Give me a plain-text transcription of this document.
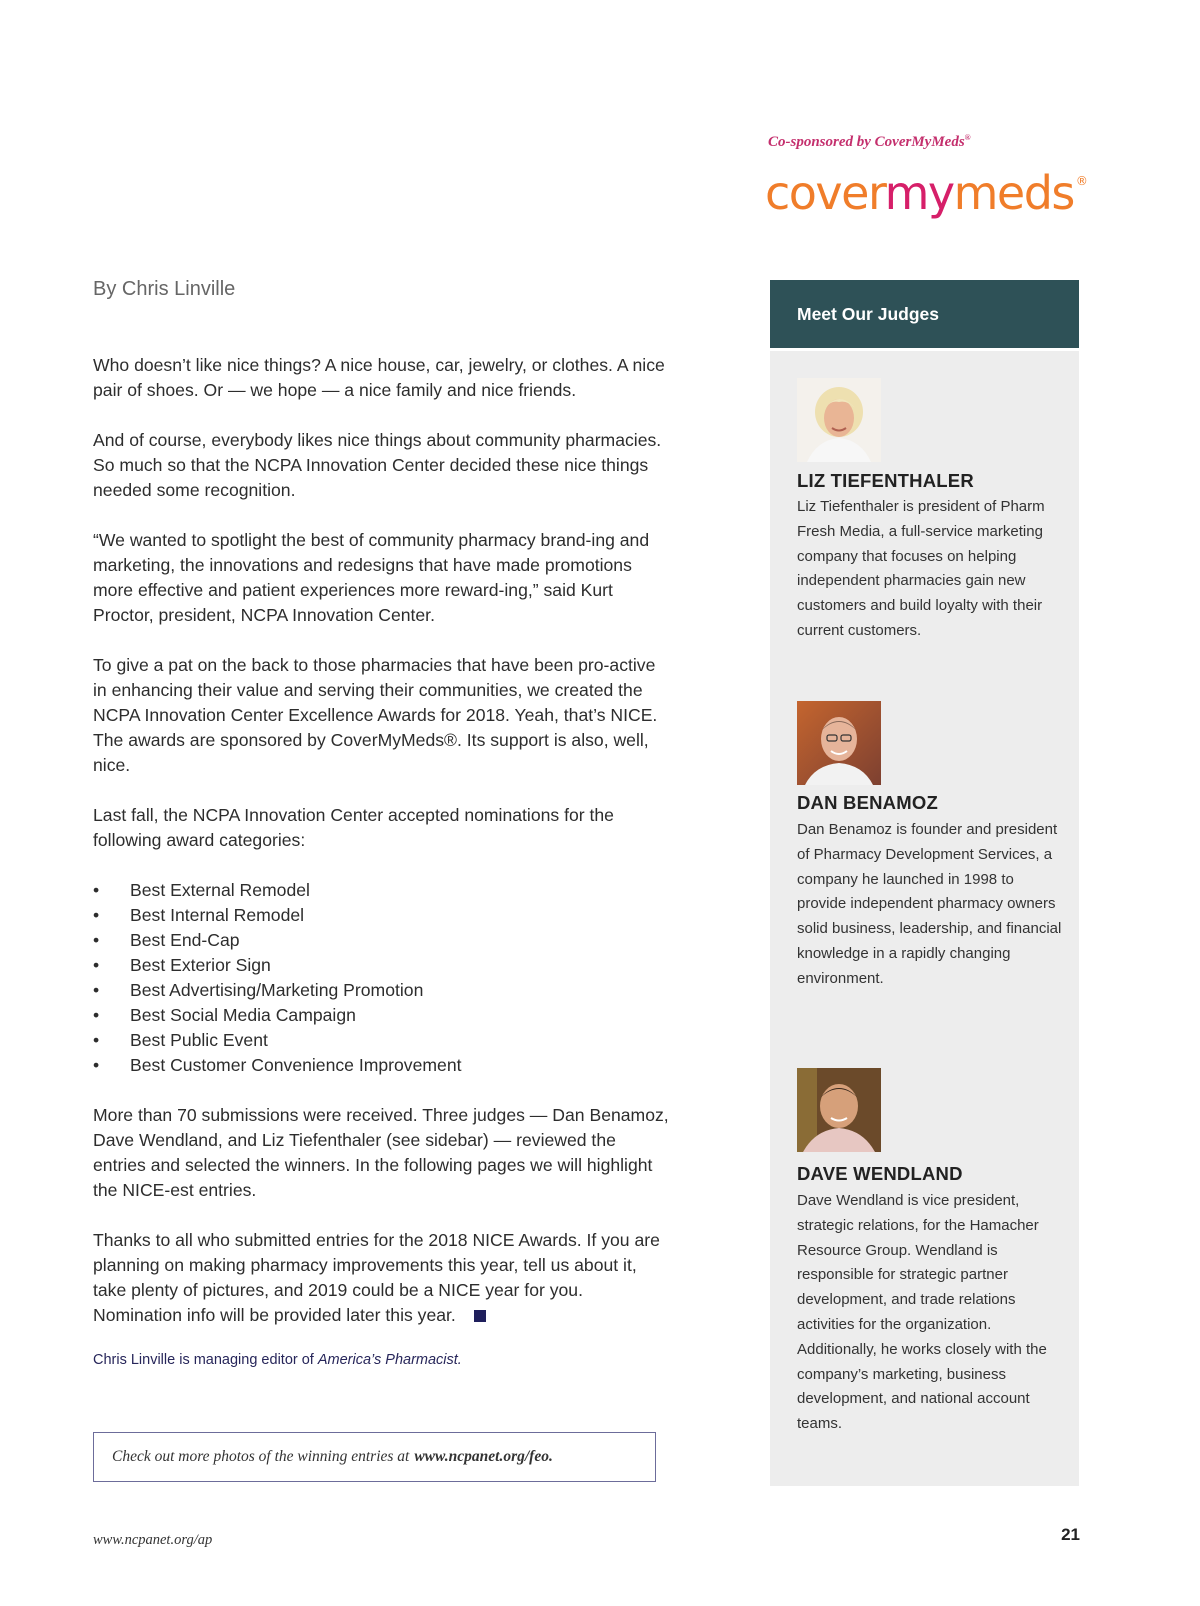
Co-sponsored by CoverMyMeds®
covermymeds ®
By Chris Linville

Who doesn’t like nice things? A nice house, car, jewelry, or clothes. A nice pair of shoes. Or — we hope — a nice family and nice friends.

And of course, everybody likes nice things about community pharmacies. So much so that the NCPA Innovation Center decided these nice things needed some recognition.

“We wanted to spotlight the best of community pharmacy brand-ing and marketing, the innovations and redesigns that have made promotions more effective and patient experiences more reward-ing,” said Kurt Proctor, president, NCPA Innovation Center.

To give a pat on the back to those pharmacies that have been pro-active in enhancing their value and serving their communities, we created the NCPA Innovation Center Excellence Awards for 2018. Yeah, that’s NICE. The awards are sponsored by CoverMyMeds®. Its support is also, well, nice.

Last fall, the NCPA Innovation Center accepted nominations for the following award categories:

• Best External Remodel
• Best Internal Remodel
• Best End-Cap
• Best Exterior Sign
• Best Advertising/Marketing Promotion
• Best Social Media Campaign
• Best Public Event
• Best Customer Convenience Improvement

More than 70 submissions were received. Three judges — Dan Benamoz, Dave Wendland, and Liz Tiefenthaler (see sidebar) — reviewed the entries and selected the winners. In the following pages we will highlight the NICE-est entries.

Thanks to all who submitted entries for the 2018 NICE Awards. If you are planning on making pharmacy improvements this year, tell us about it, take plenty of pictures, and 2019 could be a NICE year for you. Nomination info will be provided later this year.

Chris Linville is managing editor of America’s Pharmacist.
Check out more photos of the winning entries at www.ncpanet.org/feo.
www.ncpanet.org/ap	21
Meet Our Judges
LIZ TIEFENTHALER
Liz Tiefenthaler is president of Pharm Fresh Media, a full-service marketing company that focuses on helping independent pharmacies gain new customers and build loyalty with their current customers.
DAN BENAMOZ
Dan Benamoz is founder and president of Pharmacy Development Services, a company he launched in 1998 to provide independent pharmacy owners solid business, leadership, and financial knowledge in a rapidly changing environment.
DAVE WENDLAND
Dave Wendland is vice president, strategic relations, for the Hamacher Resource Group. Wendland is responsible for strategic partner development, and trade relations activities for the organization. Additionally, he works closely with the company’s marketing, business development, and national account teams.
